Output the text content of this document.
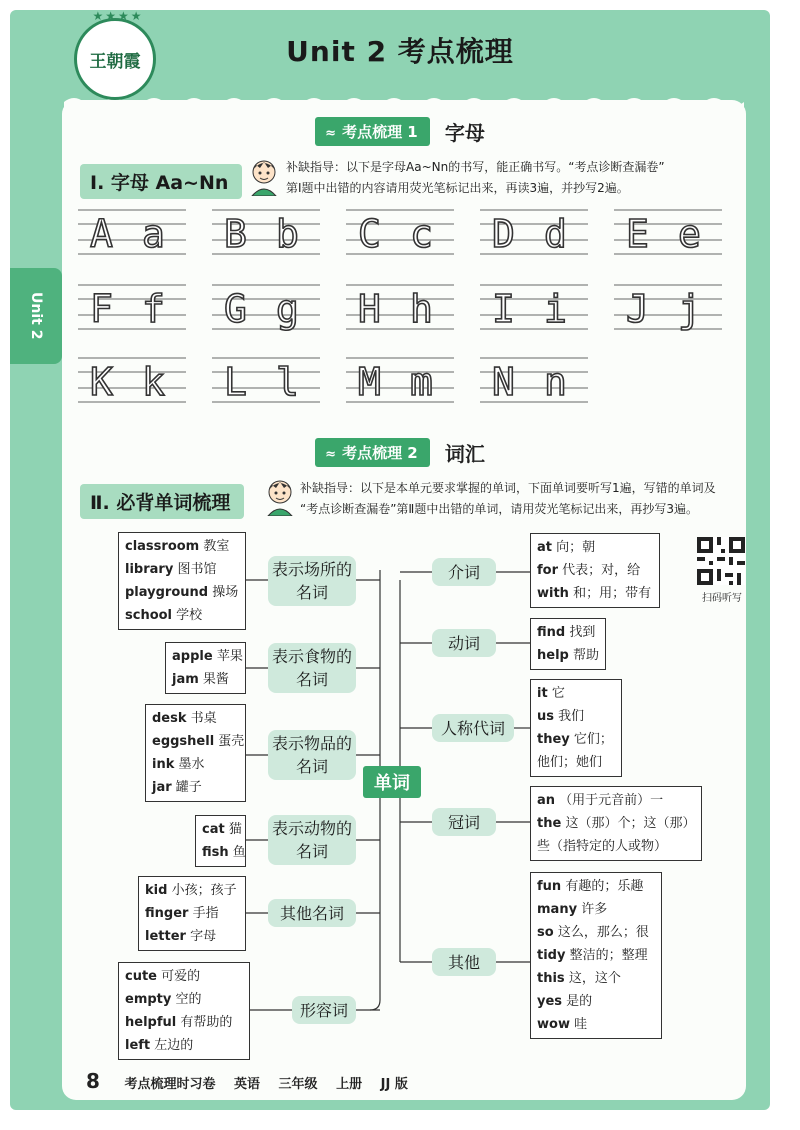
★★★★
王朝霞	Unit 2 考点梳理
Unit 2
≈ 考点梳理 1 字母
Ⅰ. 字母 Aa~Nn
补缺指导：以下是字母Aa~Nn的书写，能正确书写。“考点诊断查漏卷”
第Ⅰ题中出错的内容请用荧光笔标记出来，再读3遍，并抄写2遍。
A a B b C c D d E e
F f G g H h I i J j
K k L l M m N n
≈ 考点梳理 2 词汇
Ⅱ. 必背单词梳理
补缺指导：以下是本单元要求掌握的单词，下面单词要听写1遍，写错的单词及
“考点诊断查漏卷”第Ⅱ题中出错的单词，请用荧光笔标记出来，再抄写3遍。
单词
classroom 教室
library 图书馆
playground 操场
school 学校
表示场所的名词
apple 苹果
jam 果酱
表示食物的名词
desk 书桌
eggshell 蛋壳
ink 墨水
jar 罐子
表示物品的名词
cat 猫
fish 鱼
表示动物的名词
kid 小孩；孩子
finger 手指
letter 字母
其他名词
cute 可爱的
empty 空的
helpful 有帮助的
left 左边的
形容词
at 向；朝
for 代表；对，给
with 和；用；带有
介词
find 找到
help 帮助
动词
it 它
us 我们
they 它们；
他们；她们
人称代词
an （用于元音前）一
the 这（那）个；这（那）
些（指特定的人或物）
冠词
fun 有趣的；乐趣
many 许多
so 这么，那么；很
tidy 整洁的；整理
this 这，这个
yes 是的
wow 哇
其他
扫码听写
8 考点梳理时习卷 英语 三年级 上册 JJ 版
